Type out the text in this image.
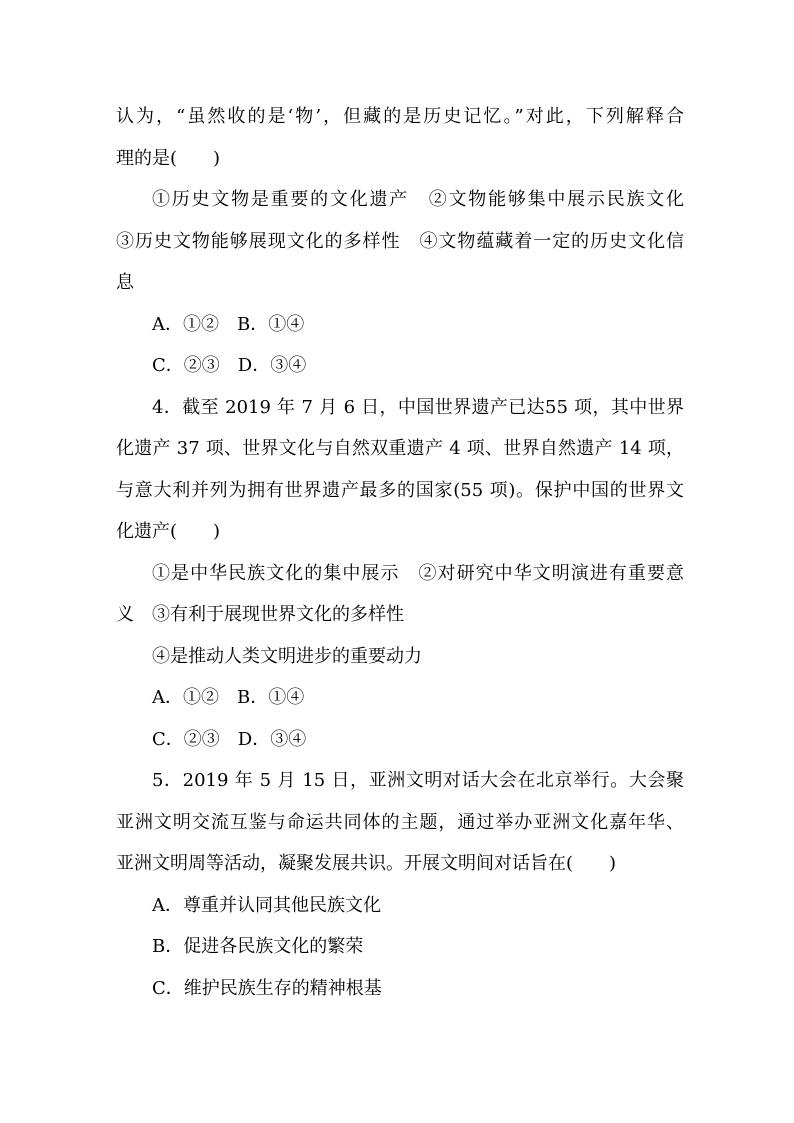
认为，“虽然收的是‘物’，但藏的是历史记忆。”对此，下列解释合
理的是(　　)
①历史文物是重要的文化遗产　②文物能够集中展示民族文化
③历史文物能够展现文化的多样性　④文物蕴藏着一定的历史文化信
息
A．①②　B．①④
C．②③　D．③④
4．截至 2019 年 7 月 6 日，中国世界遗产已达55 项，其中世界
化遗产 37 项、世界文化与自然双重遗产 4 项、世界自然遗产 14 项，
与意大利并列为拥有世界遗产最多的国家(55 项)。保护中国的世界文
化遗产(　　)
①是中华民族文化的集中展示　②对研究中华文明演进有重要意
义　③有利于展现世界文化的多样性
④是推动人类文明进步的重要动力
A．①②　B．①④
C．②③　D．③④
5．2019 年 5 月 15 日，亚洲文明对话大会在北京举行。大会聚
亚洲文明交流互鉴与命运共同体的主题，通过举办亚洲文化嘉年华、
亚洲文明周等活动，凝聚发展共识。开展文明间对话旨在(　　)
A．尊重并认同其他民族文化
B．促进各民族文化的繁荣
C．维护民族生存的精神根基
